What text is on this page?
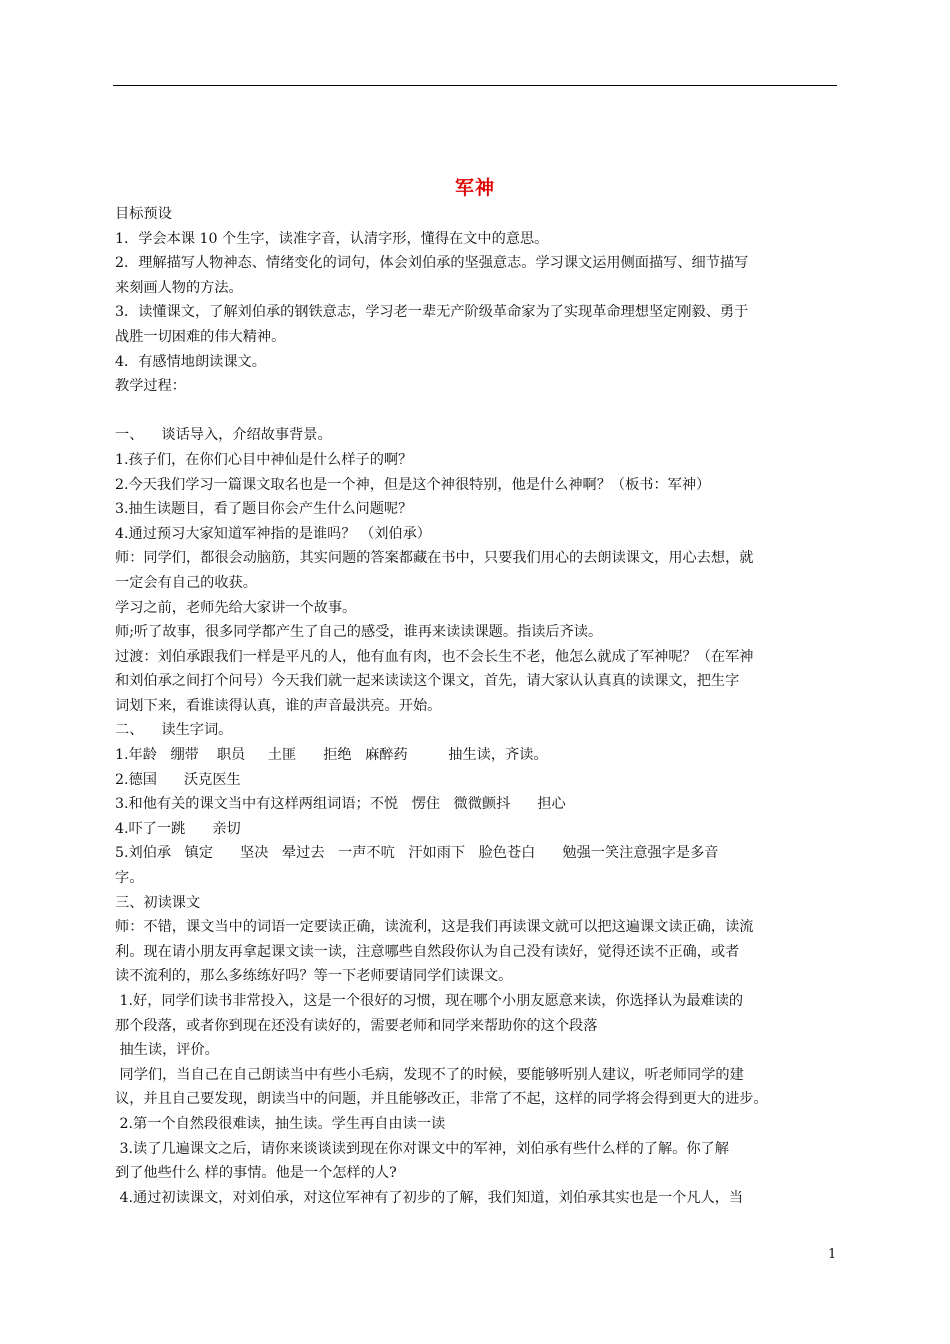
军神
目标预设
1．学会本课 10 个生字，读准字音，认清字形，懂得在文中的意思。
2．理解描写人物神态、情绪变化的词句，体会刘伯承的坚强意志。学习课文运用侧面描写、细节描写
来刻画人物的方法。
3．读懂课文，了解刘伯承的钢铁意志，学习老一辈无产阶级革命家为了实现革命理想坚定刚毅、勇于
战胜一切困难的伟大精神。
4．有感情地朗读课文。
教学过程：
一、    谈话导入，介绍故事背景。
1.孩子们，在你们心目中神仙是什么样子的啊？
2.今天我们学习一篇课文取名也是一个神，但是这个神很特别，他是什么神啊？（板书：军神）
3.抽生读题目，看了题目你会产生什么问题呢？
4.通过预习大家知道军神指的是谁吗？ （刘伯承）
师：同学们，都很会动脑筋，其实问题的答案都藏在书中，只要我们用心的去朗读课文，用心去想，就
一定会有自己的收获。
学习之前，老师先给大家讲一个故事。
师;听了故事，很多同学都产生了自己的感受，谁再来读读课题。指读后齐读。
过渡：刘伯承跟我们一样是平凡的人，他有血有肉，也不会长生不老，他怎么就成了军神呢？（在军神
和刘伯承之间打个问号）今天我们就一起来读读这个课文，首先，请大家认认真真的读课文，把生字
词划下来，看谁读得认真，谁的声音最洪亮。开始。
二、    读生字词。
1.年龄   绷带    职员     土匪      拒绝   麻醉药         抽生读，齐读。
2.德国      沃克医生
3.和他有关的课文当中有这样两组词语；不悦   愣住   微微颤抖      担心
4.吓了一跳      亲切
5.刘伯承   镇定      坚决   晕过去   一声不吭   汗如雨下   脸色苍白      勉强一笑注意强字是多音
字。
三、初读课文
师：不错，课文当中的词语一定要读正确，读流利，这是我们再读课文就可以把这遍课文读正确，读流
利。现在请小朋友再拿起课文读一读，注意哪些自然段你认为自己没有读好，觉得还读不正确，或者
读不流利的，那么多练练好吗？等一下老师要请同学们读课文。
1.好，同学们读书非常投入，这是一个很好的习惯，现在哪个小朋友愿意来读，你选择认为最难读的
那个段落，或者你到现在还没有读好的，需要老师和同学来帮助你的这个段落
抽生读，评价。
同学们，当自己在自己朗读当中有些小毛病，发现不了的时候，要能够听别人建议，听老师同学的建
议，并且自己要发现，朗读当中的问题，并且能够改正，非常了不起，这样的同学将会得到更大的进步。
2.第一个自然段很难读，抽生读。学生再自由读一读
3.读了几遍课文之后，请你来谈谈读到现在你对课文中的军神，刘伯承有些什么样的了解。你了解
到了他些什么 样的事情。他是一个怎样的人?
4.通过初读课文，对刘伯承，对这位军神有了初步的了解，我们知道，刘伯承其实也是一个凡人，当
1
